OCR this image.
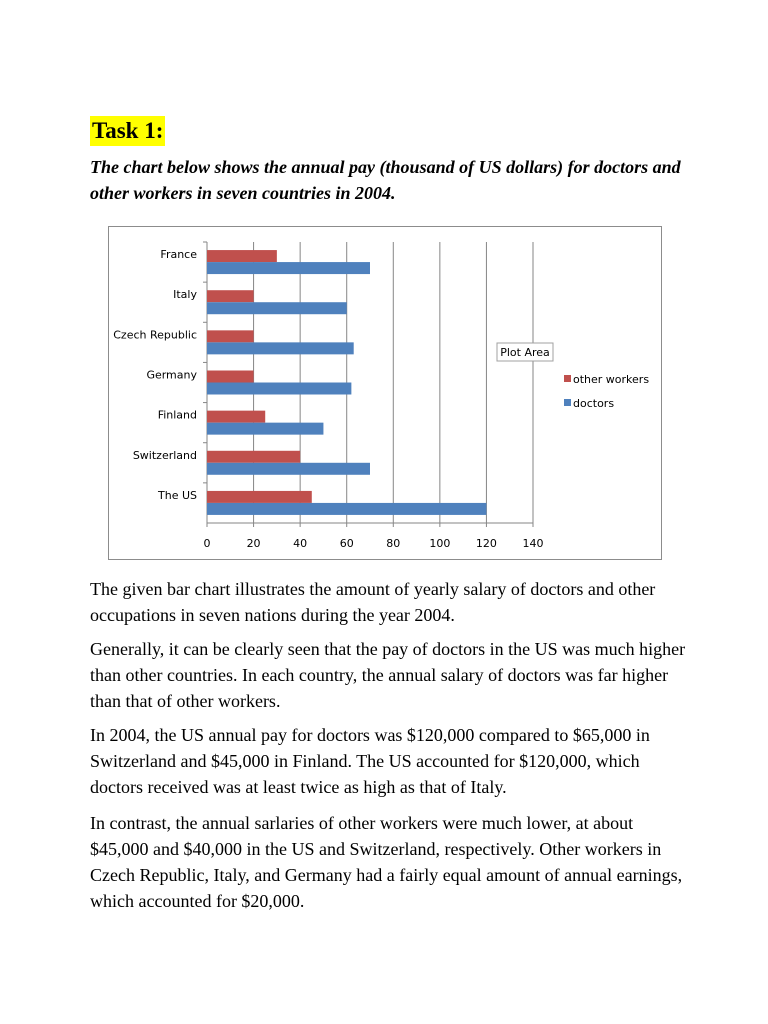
Task 1:

The chart below shows the annual pay (thousand of US dollars) for doctors and other workers in seven countries in 2004.

0	20	40	60	80	100 120 140
France
Italy
Czech Republic
Germany
Finland
Switzerland
The US
Plot Area
other workers
doctors

The given bar chart illustrates the amount of yearly salary of doctors and other occupations in seven nations during the year 2004.

Generally, it can be clearly seen that the pay of doctors in the US was much higher than other countries. In each country, the annual salary of doctors was far higher than that of other workers.

In 2004, the US annual pay for doctors was $120,000 compared to $65,000 in Switzerland and $45,000 in Finland. The US accounted for $120,000, which doctors received was at least twice as high as that of Italy.

In contrast, the annual sarlaries of other workers were much lower, at about $45,000 and $40,000 in the US and Switzerland, respectively. Other workers in Czech Republic, Italy, and Germany had a fairly equal amount of annual earnings, which accounted for $20,000.
